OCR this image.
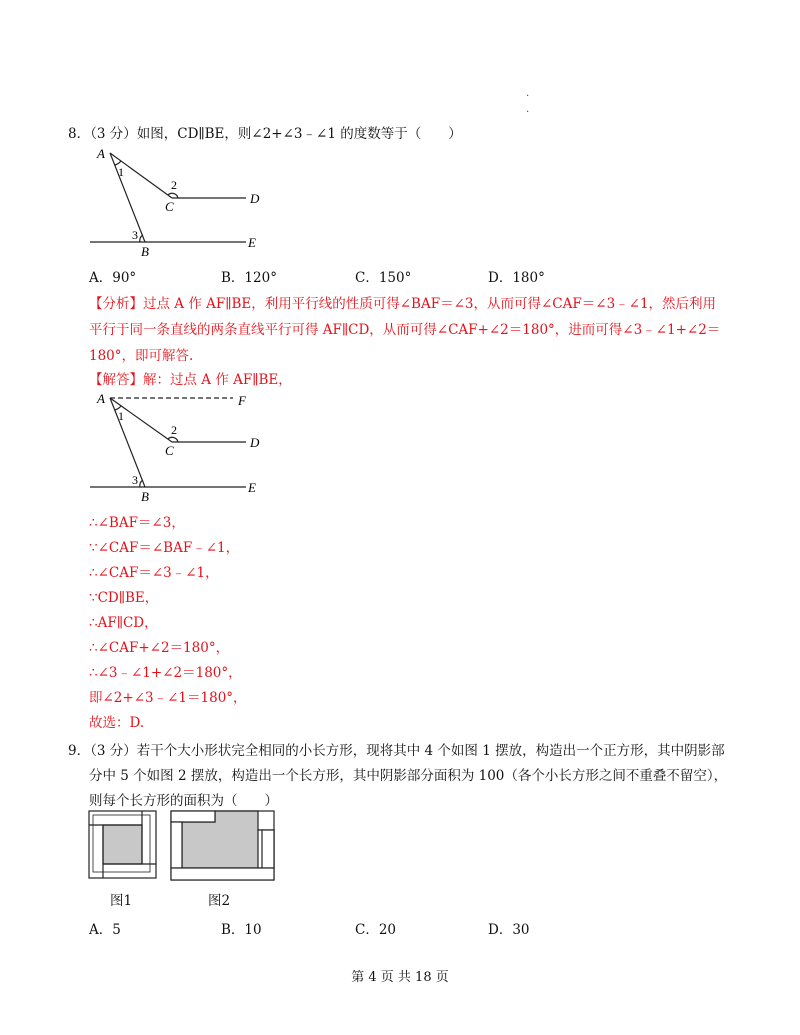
.
.
8．（3 分）如图，CD∥BE，则∠2+∠3﹣∠1 的度数等于（　　）
A
1
2
C
D
3
B
E
A．90°	B．120°	C．150°	D．180°
【分析】过点 A 作 AF∥BE，利用平行线的性质可得∠BAF＝∠3，从而可得∠CAF＝∠3﹣∠1，然后利用
平行于同一条直线的两条直线平行可得 AF∥CD，从而可得∠CAF+∠2＝180°，进而可得∠3﹣∠1+∠2＝
180°，即可解答.
【解答】解：过点 A 作 AF∥BE，
A	F
1
2
C
D
3
B
E
∴∠BAF＝∠3，
∵∠CAF＝∠BAF﹣∠1，
∴∠CAF＝∠3﹣∠1，
∵CD∥BE，
∴AF∥CD，
∴∠CAF+∠2＝180°，
∴∠3﹣∠1+∠2＝180°，
即∠2+∠3﹣∠1＝180°，
故选：D.
9．（3 分）若干个大小形状完全相同的小长方形，现将其中 4 个如图 1 摆放，构造出一个正方形，其中阴影部
分中 5 个如图 2 摆放，构造出一个长方形，其中阴影部分面积为 100（各个小长方形之间不重叠不留空），
则每个长方形的面积为（　　）
图1	图2
A．5	B．10	C．20	D．30
第 4 页 共 18 页
